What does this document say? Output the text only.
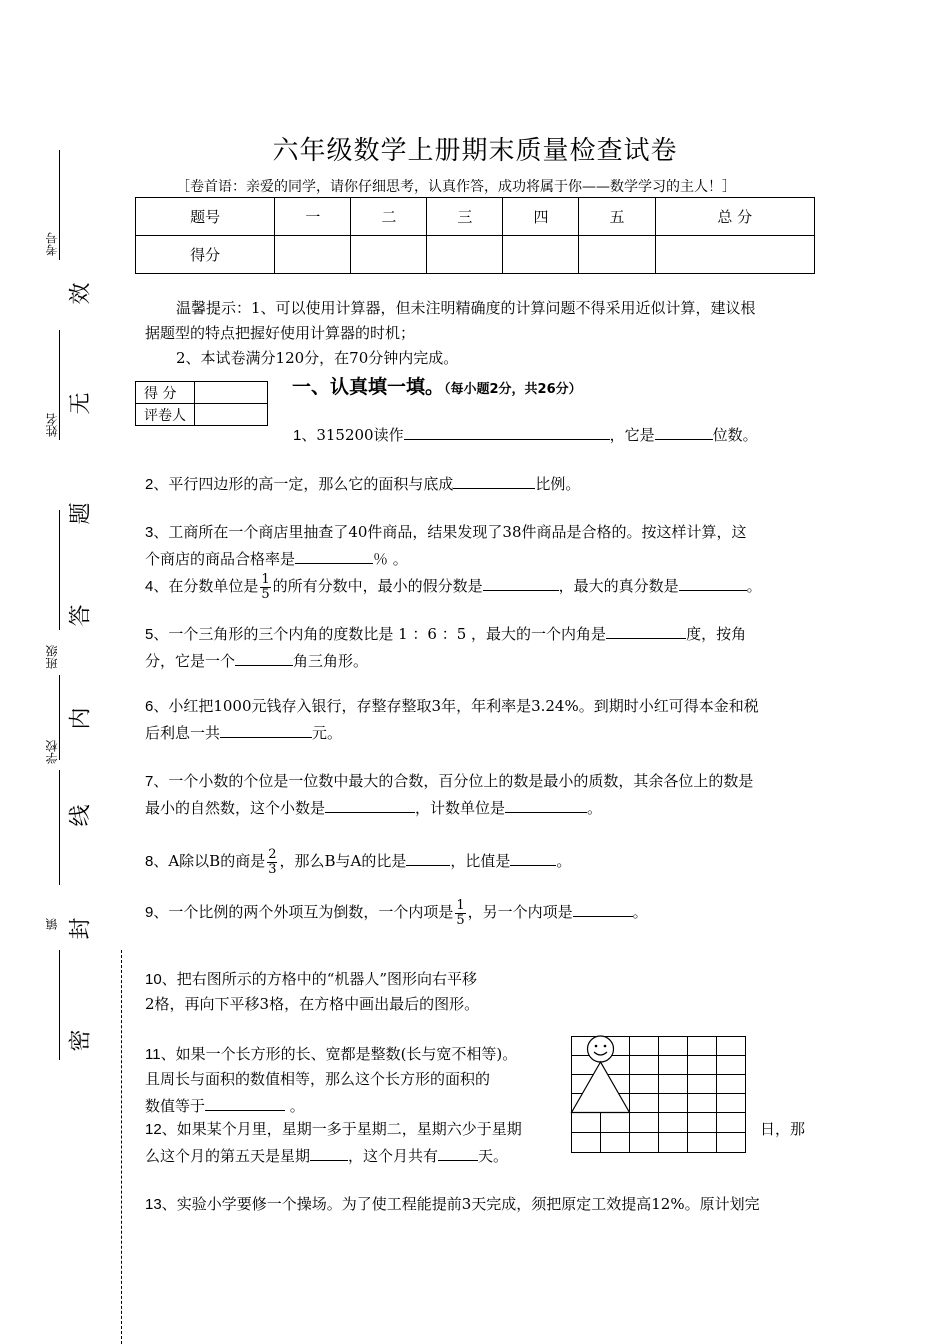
六年级数学上册期末质量检查试卷
［卷首语：亲爱的同学，请你仔细思考，认真作答，成功将属于你——数学学习的主人！］
题号	一	二	三	四	五	总 分
得分						
温馨提示：1、可以使用计算器，但未注明精确度的计算问题不得采用近似计算，建议根
据题型的特点把握好使用计算器的时机；
2、本试卷满分120分，在70分钟内完成。
得 分	
评卷人	
一、认真填一填。（每小题2分，共26分）
1、315200读作	，它是	位数。
2、平行四边形的高一定，那么它的面积与底成	比例。
3、工商所在一个商店里抽查了40件商品，结果发现了38件商品是合格的。按这样计算，这
个商店的商品合格率是	％ 。
4、在分数单位是 $\frac{1}{5}$ 的所有分数中，最小的假分数是	，最大的真分数是	。
5、一个三角形的三个内角的度数比是 1 ：6 ：5 ，最大的一个内角是	度，按角
分，它是一个	角三角形。
6、小红把1000元钱存入银行，存整存整取3年，年利率是3.24%。到期时小红可得本金和税
后利息一共	元。
7、一个小数的个位是一位数中最大的合数，百分位上的数是最小的质数，其余各位上的数是
最小的自然数，这个小数是	，计数单位是	。
8、A除以B的商是 $\frac{2}{3}$ ，那么B与A的比是	，比值是	。
9、一个比例的两个外项互为倒数，一个内项是 $\frac{1}{5}$ ，另一个内项是	。
10、把右图所示的方格中的“机器人”图形向右平移
2格，再向下平移3格，在方格中画出最后的图形。
11、如果一个长方形的长、宽都是整数(长与宽不相等)。
且周长与面积的数值相等，那么这个长方形的面积的
数值等于	。
12、如果某个月里，星期一多于星期二，星期六少于星期
么这个月的第五天是星期	，这个月共有	天。
日，那
13、实验小学要修一个操场。为了使工程能提前3天完成，须把原定工效提高12%。原计划完
考号
效
姓名
无
题
答
班级
内
学校
线
镇 封
密
